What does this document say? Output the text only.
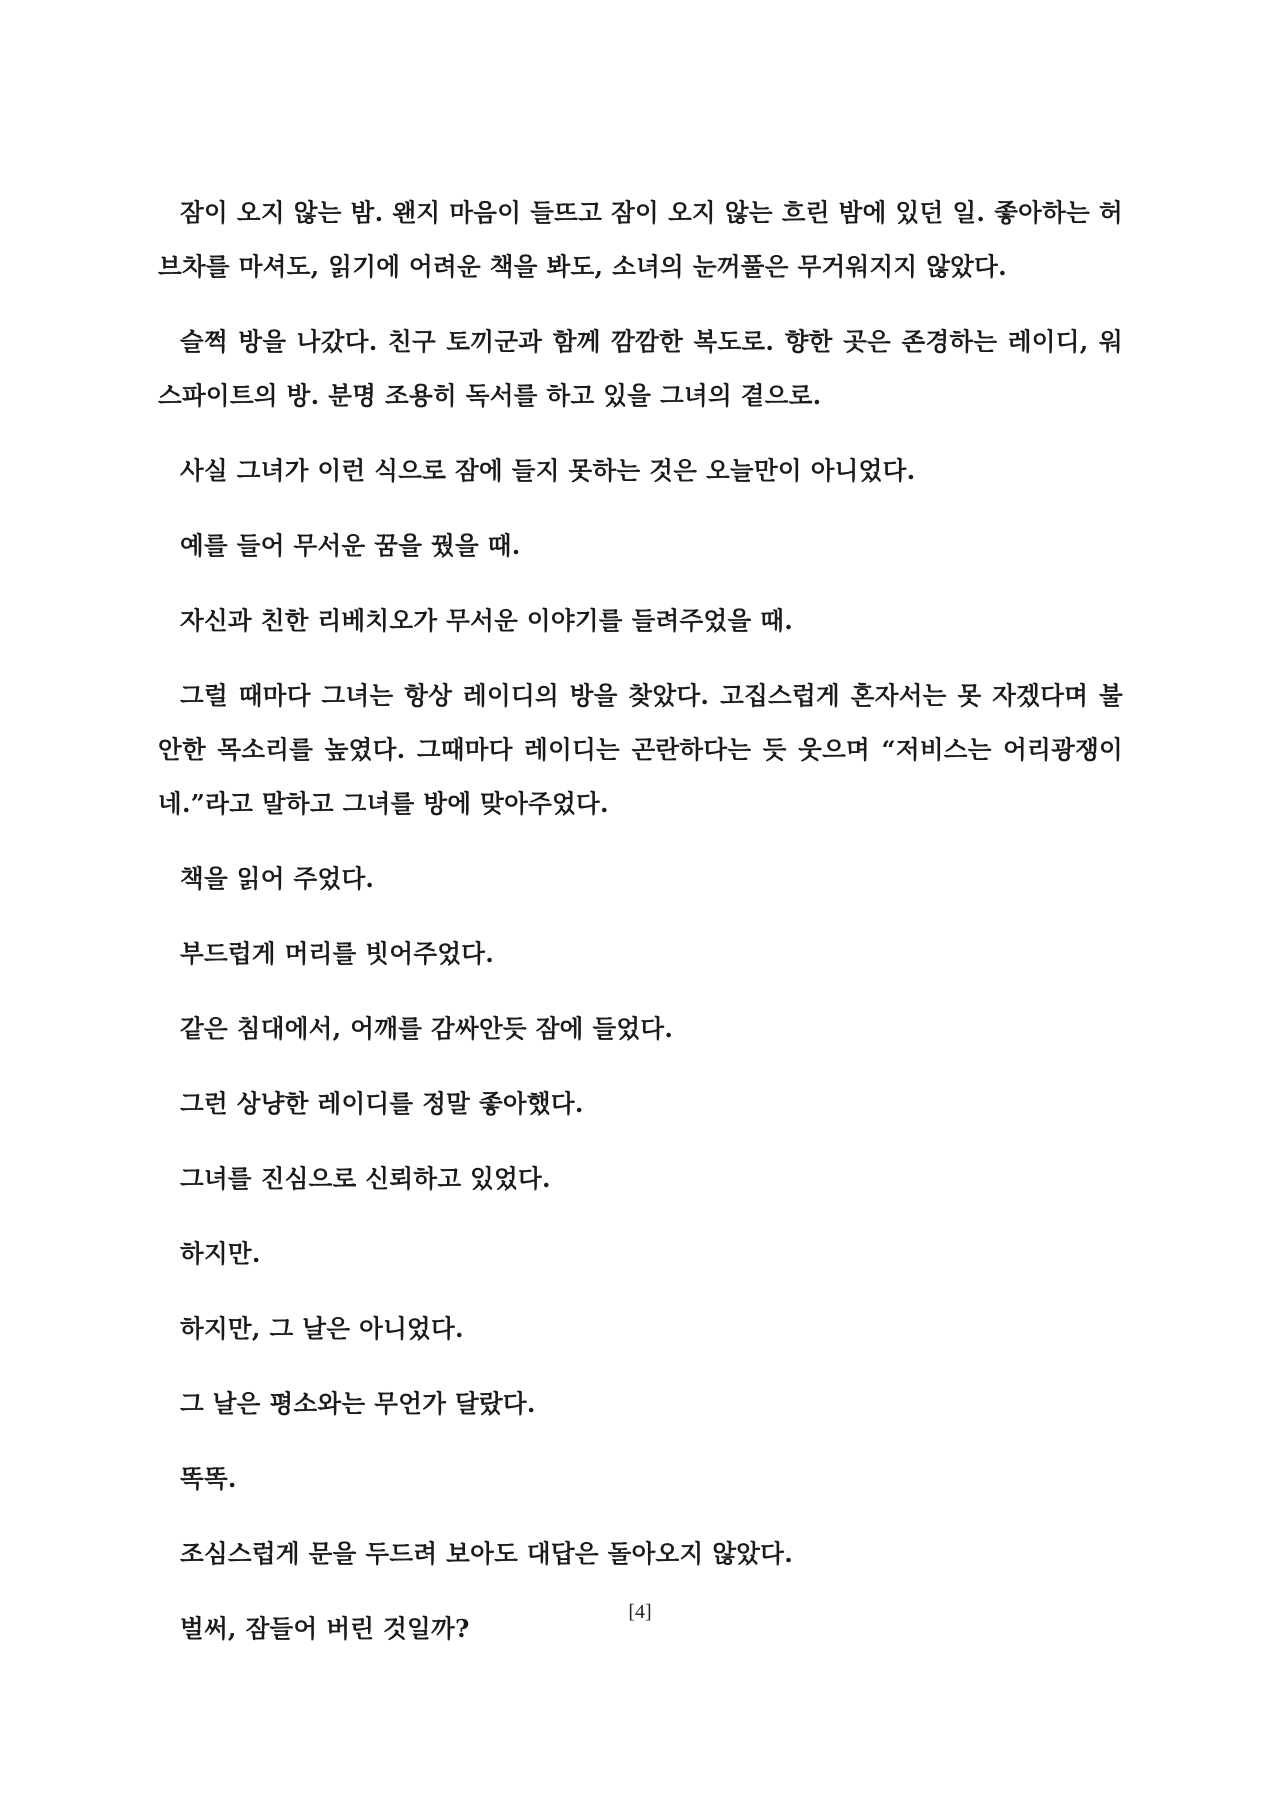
잠이 오지 않는 밤. 왠지 마음이 들뜨고 잠이 오지 않는 흐린 밤에 있던 일. 좋아하는 허브차를 마셔도, 읽기에 어려운 책을 봐도, 소녀의 눈꺼풀은 무거워지지 않았다.

슬쩍 방을 나갔다. 친구 토끼군과 함께 깜깜한 복도로. 향한 곳은 존경하는 레이디, 워스파이트의 방. 분명 조용히 독서를 하고 있을 그녀의 곁으로.

사실 그녀가 이런 식으로 잠에 들지 못하는 것은 오늘만이 아니었다.

예를 들어 무서운 꿈을 꿨을 때.

자신과 친한 리베치오가 무서운 이야기를 들려주었을 때.

그럴 때마다 그녀는 항상 레이디의 방을 찾았다. 고집스럽게 혼자서는 못 자겠다며 불안한 목소리를 높였다. 그때마다 레이디는 곤란하다는 듯 웃으며 “저비스는 어리광쟁이네.”라고 말하고 그녀를 방에 맞아주었다.

책을 읽어 주었다.

부드럽게 머리를 빗어주었다.

같은 침대에서, 어깨를 감싸안듯 잠에 들었다.

그런 상냥한 레이디를 정말 좋아했다.

그녀를 진심으로 신뢰하고 있었다.

하지만.

하지만, 그 날은 아니었다.

그 날은 평소와는 무언가 달랐다.

똑똑.

조심스럽게 문을 두드려 보아도 대답은 돌아오지 않았다.

벌써, 잠들어 버린 것일까?

[4]
